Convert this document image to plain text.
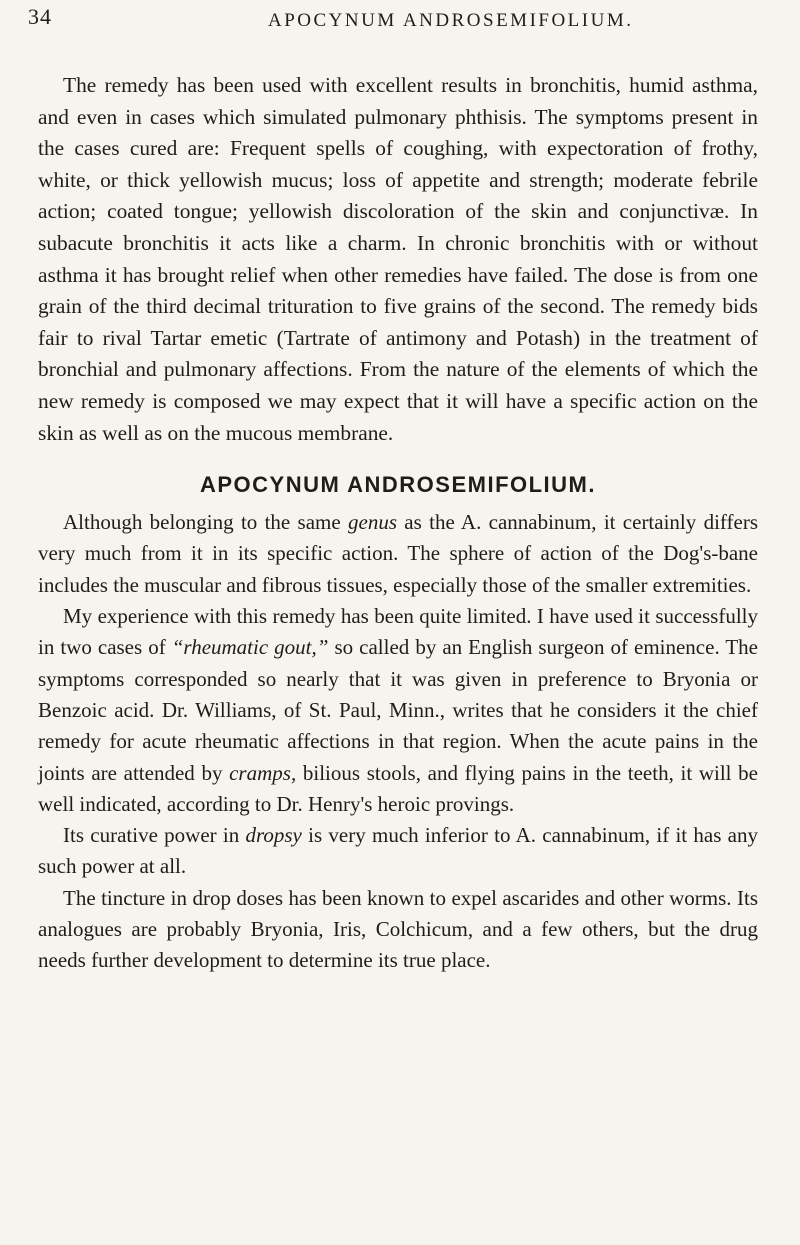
34	APOCYNUM ANDROSEMIFOLIUM.

The remedy has been used with excellent results in bronchitis, humid asthma, and even in cases which simulated pulmonary phthisis. The symptoms present in the cases cured are: Frequent spells of coughing, with expectoration of frothy, white, or thick yellowish mucus; loss of appetite and strength; moderate febrile action; coated tongue; yellowish discoloration of the skin and conjunctivæ. In subacute bronchitis it acts like a charm. In chronic bronchitis with or without asthma it has brought relief when other remedies have failed. The dose is from one grain of the third decimal trituration to five grains of the second. The remedy bids fair to rival Tartar emetic (Tartrate of antimony and Potash) in the treatment of bronchial and pulmonary affections. From the nature of the elements of which the new remedy is composed we may expect that it will have a specific action on the skin as well as on the mucous membrane.

APOCYNUM ANDROSEMIFOLIUM.

Although belonging to the same genus as the A. cannabinum, it certainly differs very much from it in its specific action. The sphere of action of the Dog's-bane includes the muscular and fibrous tissues, especially those of the smaller extremities.

My experience with this remedy has been quite limited. I have used it successfully in two cases of “rheumatic gout,” so called by an English surgeon of eminence. The symptoms corresponded so nearly that it was given in preference to Bryonia or Benzoic acid. Dr. Williams, of St. Paul, Minn., writes that he considers it the chief remedy for acute rheumatic affections in that region. When the acute pains in the joints are attended by cramps, bilious stools, and flying pains in the teeth, it will be well indicated, according to Dr. Henry's heroic provings.

Its curative power in dropsy is very much inferior to A. cannabinum, if it has any such power at all.

The tincture in drop doses has been known to expel ascarides and other worms. Its analogues are probably Bryonia, Iris, Colchicum, and a few others, but the drug needs further development to determine its true place.
